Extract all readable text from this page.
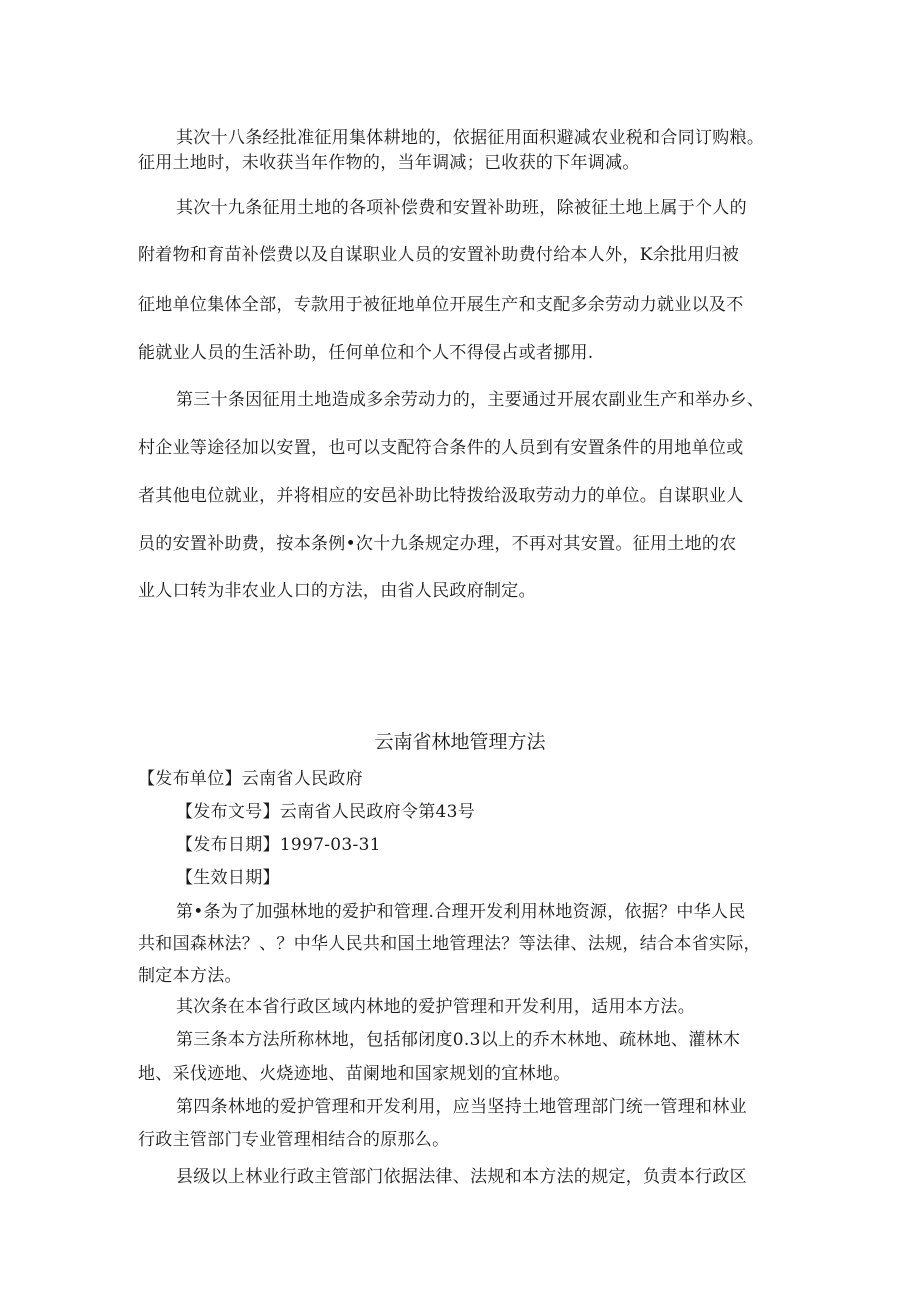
其次十八条经批准征用集体耕地的，依据征用面积避减农业税和合同订购粮。
征用土地时，未收获当年作物的，当年调减；已收获的下年调减。
其次十九条征用土地的各项补偿费和安置补助班，除被征土地上属于个人的
附着物和育苗补偿费以及自谋职业人员的安置补助费付给本人外，K余批用归被
征地单位集体全部，专款用于被征地单位开展生产和支配多余劳动力就业以及不
能就业人员的生活补助，任何单位和个人不得侵占或者挪用.
第三十条因征用土地造成多余劳动力的，主要通过开展农副业生产和举办乡、
村企业等途径加以安置，也可以支配符合条件的人员到有安置条件的用地单位或
者其他电位就业，并将相应的安邑补助比特拨给汲取劳动力的单位。自谋职业人
员的安置补助费，按本条例•次十九条规定办理，不再对其安置。征用土地的农
业人口转为非农业人口的方法，由省人民政府制定。
云南省林地管理方法
【发布单位】云南省人民政府
【发布文号】云南省人民政府令第43号
【发布日期】1997-03-31
【生效日期】
第•条为了加强林地的爱护和管理.合理开发利用林地资源，依据？中华人民
共和国森林法？、？中华人民共和国土地管理法？等法律、法规，结合本省实际，
制定本方法。
其次条在本省行政区域内林地的爱护管理和开发利用，适用本方法。
第三条本方法所称林地，包括郁闭度0.3以上的乔木林地、疏林地、灌林木
地、采伐迹地、火烧迹地、苗阑地和国家规划的宜林地。
第四条林地的爱护管理和开发利用，应当坚持土地管理部门统一管理和林业
行政主管部门专业管理相结合的原那么。
县级以上林业行政主管部门依据法律、法规和本方法的规定，负责本行政区
